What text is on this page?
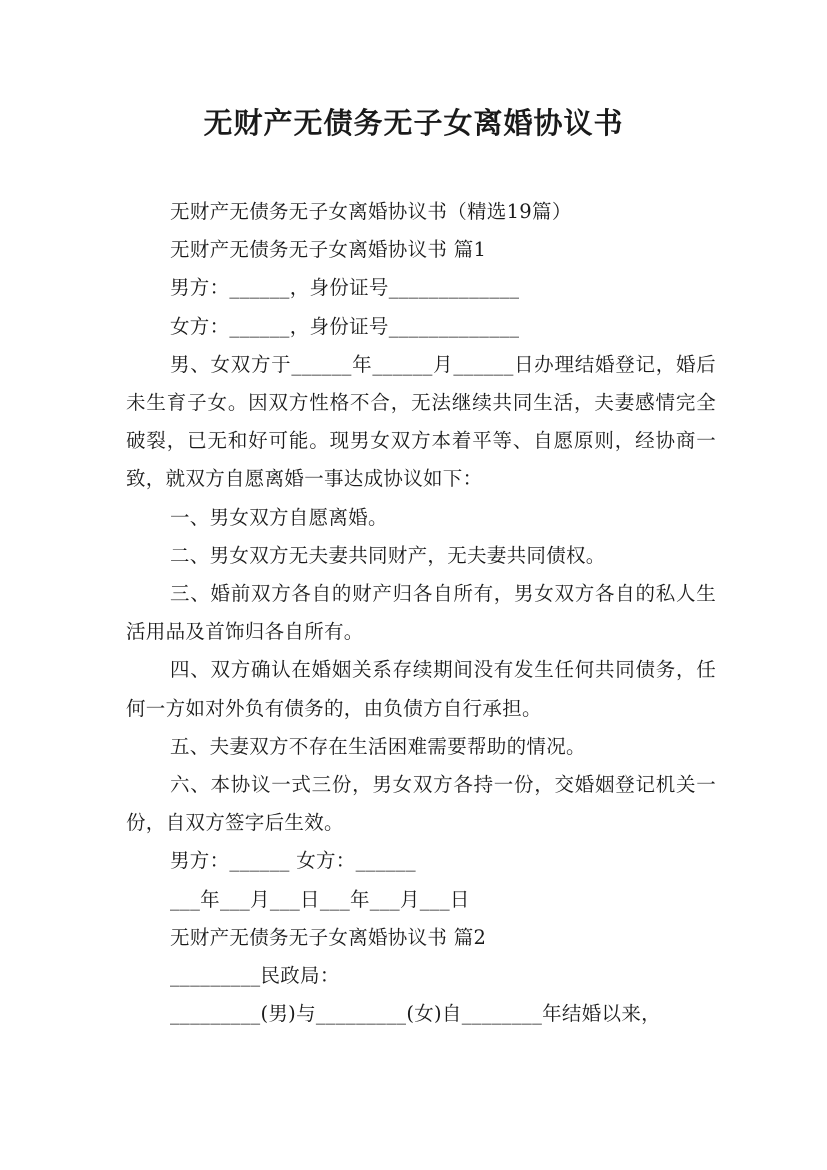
无财产无债务无子女离婚协议书

无财产无债务无子女离婚协议书（精选19篇）

无财产无债务无子女离婚协议书 篇1

男方：______，身份证号_____________

女方：______，身份证号_____________

男、女双方于______年______月______日办理结婚登记，婚后未生育子女。因双方性格不合，无法继续共同生活，夫妻感情完全破裂，已无和好可能。现男女双方本着平等、自愿原则，经协商一致，就双方自愿离婚一事达成协议如下：

一、男女双方自愿离婚。

二、男女双方无夫妻共同财产，无夫妻共同债权。

三、婚前双方各自的财产归各自所有，男女双方各自的私人生活用品及首饰归各自所有。

四、双方确认在婚姻关系存续期间没有发生任何共同债务，任何一方如对外负有债务的，由负债方自行承担。

五、夫妻双方不存在生活困难需要帮助的情况。

六、本协议一式三份，男女双方各持一份，交婚姻登记机关一份，自双方签字后生效。

男方：______ 女方：______

___年___月___日___年___月___日

无财产无债务无子女离婚协议书 篇2

_________民政局：

_________(男)与_________(女)自________年结婚以来，
